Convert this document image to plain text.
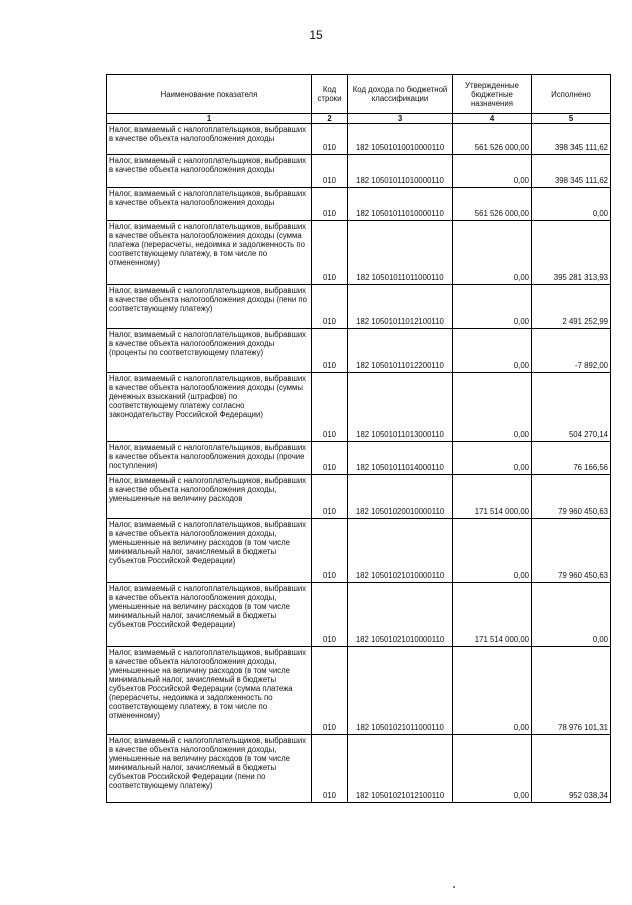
15
Наименование показателя	Код строки	Код дохода по бюджетной классификации	Утвержденные бюджетные назначения	Исполнено
1	2	3	4	5
Налог, взимаемый с налогоплательщиков, выбравших в качестве объекта налогообложения доходы	010	182 10501010010000110	561 526 000,00	398 345 111,62
Налог, взимаемый с налогоплательщиков, выбравших в качестве объекта налогообложения доходы	010	182 10501011010000110	0,00	398 345 111,62
Налог, взимаемый с налогоплательщиков, выбравших в качестве объекта налогообложения доходы	010	182 10501011010000110	561 526 000,00	0,00
Налог, взимаемый с налогоплательщиков, выбравших в качестве объекта налогообложения доходы (сумма платежа (перерасчеты, недоимка и задолженность по соответствующему платежу, в том числе по отмененному)	010	182 10501011011000110	0,00	395 281 313,93
Налог, взимаемый с налогоплательщиков, выбравших в качестве объекта налогообложения доходы (пени по соответствующему платежу)	010	182 10501011012100110	0,00	2 491 252,99
Налог, взимаемый с налогоплательщиков, выбравших в качестве объекта налогообложения доходы (проценты по соответствующему платежу)	010	182 10501011012200110	0,00	-7 892,00
Налог, взимаемый с налогоплательщиков, выбравших в качестве объекта налогообложения доходы (суммы денежных взысканий (штрафов) по соответствующему платежу согласно законодательству Российской Федерации)	010	182 10501011013000110	0,00	504 270,14
Налог, взимаемый с налогоплательщиков, выбравших в качестве объекта налогообложения доходы (прочие поступления)	010	182 10501011014000110	0,00	76 166,56
Налог, взимаемый с налогоплательщиков, выбравших в качестве объекта налогообложения доходы, уменьшенные на величину расходов	010	182 10501020010000110	171 514 000,00	79 960 450,63
Налог, взимаемый с налогоплательщиков, выбравших в качестве объекта налогообложения доходы, уменьшенные на величину расходов (в том числе минимальный налог, зачисляемый в бюджеты субъектов Российской Федерации)	010	182 10501021010000110	0,00	79 960 450,63
Налог, взимаемый с налогоплательщиков, выбравших в качестве объекта налогообложения доходы, уменьшенные на величину расходов (в том числе минимальный налог, зачисляемый в бюджеты субъектов Российской Федерации)	010	182 10501021010000110	171 514 000,00	0,00
Налог, взимаемый с налогоплательщиков, выбравших в качестве объекта налогообложения доходы, уменьшенные на величину расходов (в том числе минимальный налог, зачисляемый в бюджеты субъектов Российской Федерации (сумма платежа (перерасчеты, недоимка и задолженность по соответствующему платежу, в том числе по отмененному)	010	182 10501021011000110	0,00	78 976 101,31
Налог, взимаемый с налогоплательщиков, выбравших в качестве объекта налогообложения доходы, уменьшенные на величину расходов (в том числе минимальный налог, зачисляемый в бюджеты субъектов Российской Федерации (пени по соответствующему платежу)	010	182 10501021012100110	0,00	952 038,34
